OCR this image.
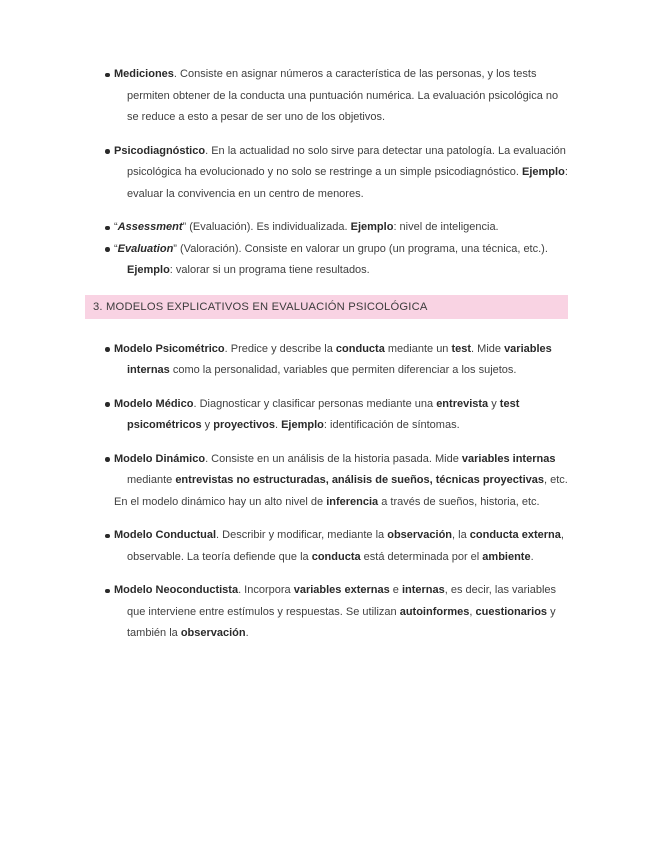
Mediciones. Consiste en asignar números a característica de las personas, y los tests permiten obtener de la conducta una puntuación numérica. La evaluación psicológica no se reduce a esto a pesar de ser uno de los objetivos.

Psicodiagnóstico. En la actualidad no solo sirve para detectar una patología. La evaluación psicológica ha evolucionado y no solo se restringe a un simple psicodiagnóstico. Ejemplo: evaluar la convivencia en un centro de menores.

“Assessment” (Evaluación). Es individualizada. Ejemplo: nivel de inteligencia.

“Evaluation” (Valoración). Consiste en valorar un grupo (un programa, una técnica, etc.). Ejemplo: valorar si un programa tiene resultados.

3. MODELOS EXPLICATIVOS EN EVALUACIÓN PSICOLÓGICA

Modelo Psicométrico. Predice y describe la conducta mediante un test. Mide variables internas como la personalidad, variables que permiten diferenciar a los sujetos.

Modelo Médico. Diagnosticar y clasificar personas mediante una entrevista y test psicométricos y proyectivos. Ejemplo: identificación de síntomas.

Modelo Dinámico. Consiste en un análisis de la historia pasada. Mide variables internas mediante entrevistas no estructuradas, análisis de sueños, técnicas proyectivas, etc.

En el modelo dinámico hay un alto nivel de inferencia a través de sueños, historia, etc.

Modelo Conductual. Describir y modificar, mediante la observación, la conducta externa, observable. La teoría defiende que la conducta está determinada por el ambiente.

Modelo Neoconductista. Incorpora variables externas e internas, es decir, las variables que interviene entre estímulos y respuestas. Se utilizan autoinformes, cuestionarios y también la observación.
